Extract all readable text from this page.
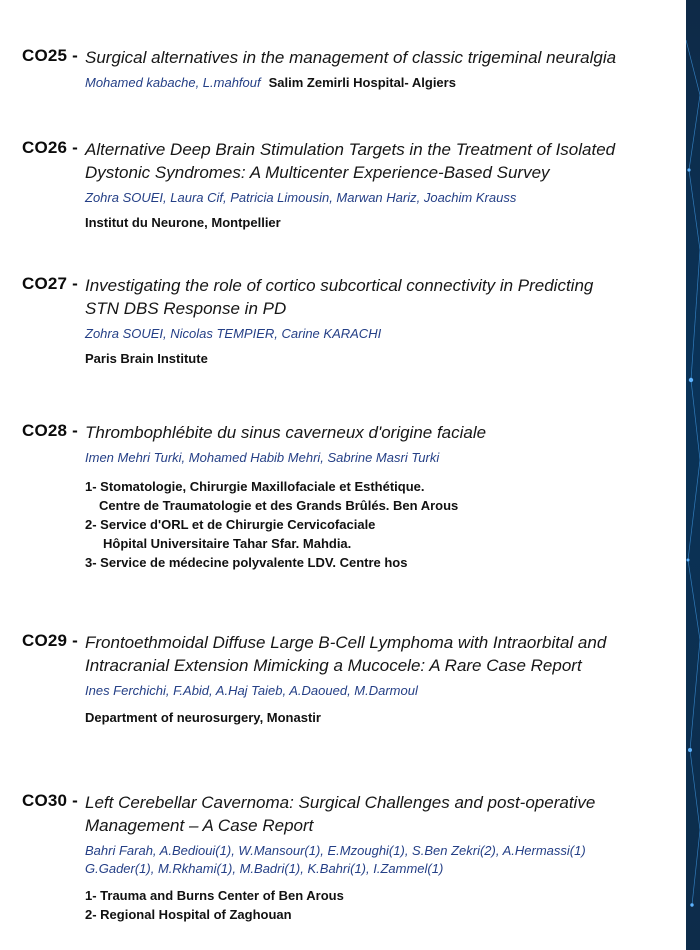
CO25 - Surgical alternatives in the management of classic trigeminal neuralgia
Mohamed kabache, L.mahfouf Salim Zemirli Hospital- Algiers
CO26 - Alternative Deep Brain Stimulation Targets in the Treatment of Isolated
Dystonic Syndromes: A Multicenter Experience-Based Survey
Zohra SOUEI, Laura Cif, Patricia Limousin, Marwan Hariz, Joachim Krauss
Institut du Neurone, Montpellier
CO27 - Investigating the role of cortico subcortical connectivity in Predicting
STN DBS Response in PD
Zohra SOUEI, Nicolas TEMPIER, Carine KARACHI
Paris Brain Institute
CO28 - Thrombophlébite du sinus caverneux d'origine faciale
Imen Mehri Turki, Mohamed Habib Mehri, Sabrine Masri Turki
1- Stomatologie, Chirurgie Maxillofaciale et Esthétique.
Centre de Traumatologie et des Grands Brûlés. Ben Arous
2- Service d'ORL et de Chirurgie Cervicofaciale
Hôpital Universitaire Tahar Sfar. Mahdia.
3- Service de médecine polyvalente LDV. Centre hos
CO29 - Frontoethmoidal Diffuse Large B-Cell Lymphoma with Intraorbital and
Intracranial Extension Mimicking a Mucocele: A Rare Case Report
Ines Ferchichi, F.Abid, A.Haj Taieb, A.Daoued, M.Darmoul
Department of neurosurgery, Monastir
CO30 - Left Cerebellar Cavernoma: Surgical Challenges and post-operative
Management – A Case Report
Bahri Farah, A.Bedioui(1), W.Mansour(1), E.Mzoughi(1), S.Ben Zekri(2), A.Hermassi(1)
G.Gader(1), M.Rkhami(1), M.Badri(1), K.Bahri(1), I.Zammel(1)
1- Trauma and Burns Center of Ben Arous
2- Regional Hospital of Zaghouan
